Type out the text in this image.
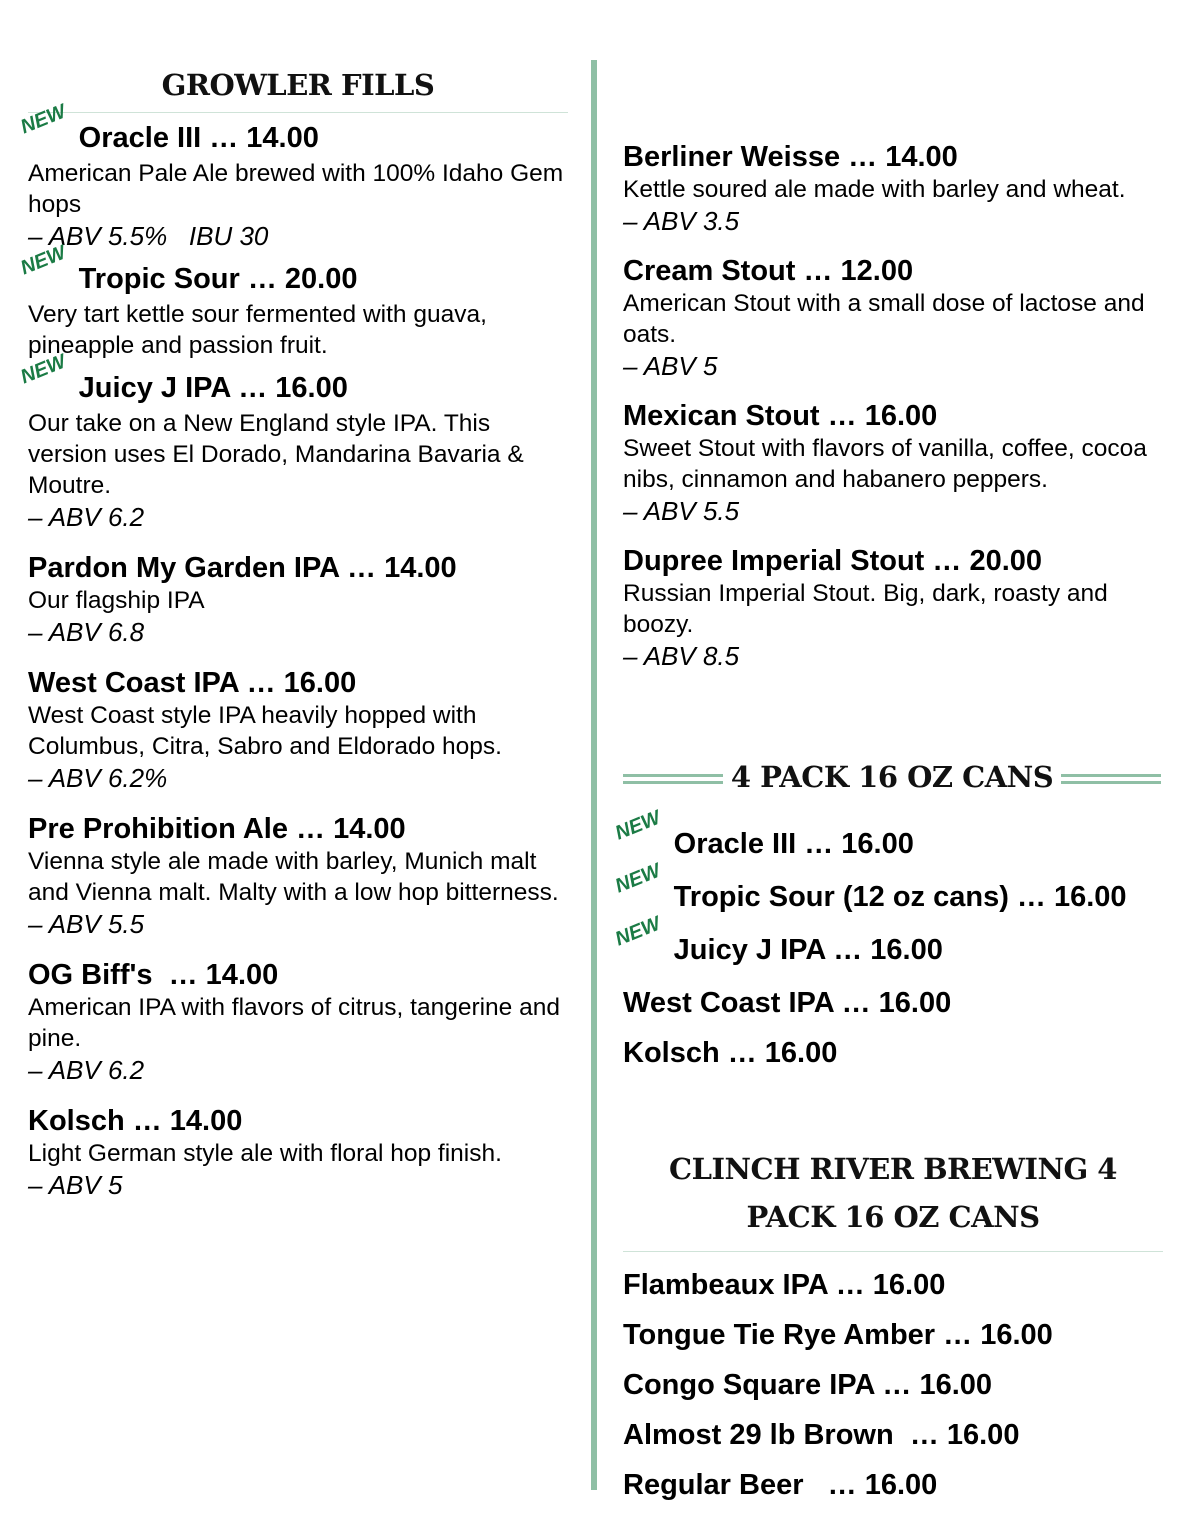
GROWLER FILLS
NEW Oracle III … 14.00
American Pale Ale brewed with 100% Idaho Gem hops
– ABV 5.5%   IBU 30
NEW Tropic Sour … 20.00
Very tart kettle sour fermented with guava, pineapple and passion fruit.
NEW Juicy J IPA … 16.00
Our take on a New England style IPA. This version uses El Dorado, Mandarina Bavaria & Moutre.
– ABV 6.2
Pardon My Garden IPA … 14.00
Our flagship IPA
– ABV 6.8
West Coast IPA … 16.00
West Coast style IPA heavily hopped with Columbus, Citra, Sabro and Eldorado hops.
– ABV 6.2%
Pre Prohibition Ale … 14.00
Vienna style ale made with barley, Munich malt and Vienna malt. Malty with a low hop bitterness.
– ABV 5.5
OG Biff's  … 14.00
American IPA with flavors of citrus, tangerine and pine.
– ABV 6.2
Kolsch … 14.00
Light German style ale with floral hop finish.
– ABV 5
Berliner Weisse … 14.00
Kettle soured ale made with barley and wheat.
– ABV 3.5
Cream Stout … 12.00
American Stout with a small dose of lactose and oats.
– ABV 5
Mexican Stout … 16.00
Sweet Stout with flavors of vanilla, coffee, cocoa nibs, cinnamon and habanero peppers.
– ABV 5.5
Dupree Imperial Stout … 20.00
Russian Imperial Stout. Big, dark, roasty and boozy.
– ABV 8.5
4 PACK 16 OZ CANS
NEW Oracle III … 16.00
NEW Tropic Sour (12 oz cans) … 16.00
NEW Juicy J IPA … 16.00
West Coast IPA … 16.00
Kolsch … 16.00
CLINCH RIVER BREWING 4 PACK 16 OZ CANS
Flambeaux IPA … 16.00
Tongue Tie Rye Amber … 16.00
Congo Square IPA … 16.00
Almost 29 lb Brown  … 16.00
Regular Beer   … 16.00
